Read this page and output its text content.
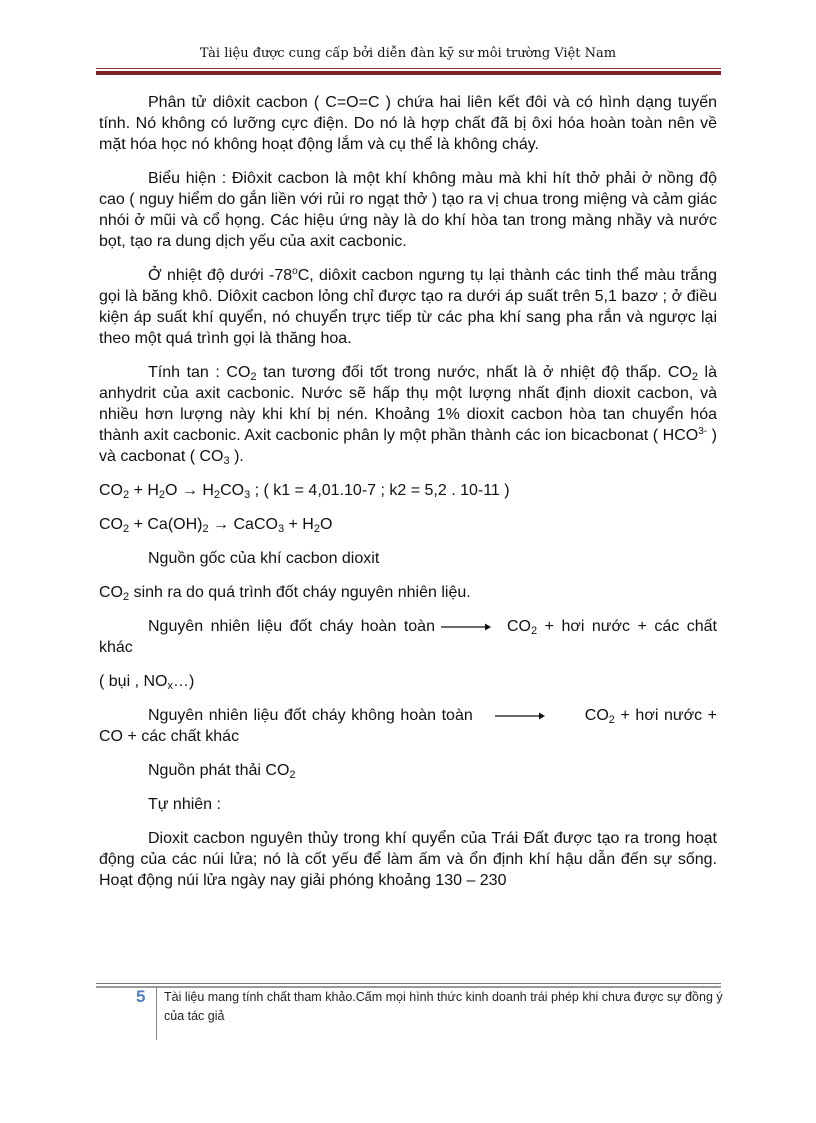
Tài liệu được cung cấp bởi diễn đàn kỹ sư môi trường Việt Nam

Phân tử diôxit cacbon ( C=O=C ) chứa hai liên kết đôi và có hình dạng tuyến tính. Nó không có lưỡng cực điện. Do nó là hợp chất đã bị ôxi hóa hoàn toàn nên về mặt hóa học nó không hoạt động lắm và cụ thể là không cháy.

Biểu hiện : Điôxit cacbon là một khí không màu mà khi hít thở phải ở nồng độ cao ( nguy hiểm do gắn liền với rủi ro ngạt thở ) tạo ra vị chua trong miệng và cảm giác nhói ở mũi và cổ họng. Các hiệu ứng này là do khí hòa tan trong màng nhầy và nước bọt, tạo ra dung dịch yếu của axit cacbonic.

Ở nhiệt độ dưới -78$^o$C, diôxit cacbon ngưng tụ lại thành các tinh thể màu trắng gọi là băng khô. Diôxit cacbon lỏng chỉ được tạo ra dưới áp suất trên 5,1 bazơ ; ở điều kiện áp suất khí quyển, nó chuyển trực tiếp từ các pha khí sang pha rắn và ngược lại theo một quá trình gọi là thăng hoa.

Tính tan : $CO_2$ tan tương đối tốt trong nước, nhất là ở nhiệt độ thấp. $CO_2$ là anhydrit của axit cacbonic. Nước sẽ hấp thụ một lượng nhất định dioxit cacbon, và nhiều hơn lượng này khi khí bị nén. Khoảng 1% dioxit cacbon hòa tan chuyển hóa thành axit cacbonic. Axit cacbonic phân ly một phần thành các ion bicacbonat ( $HCO^{3-}$ ) và cacbonat ( $CO_3$ ).

$CO_2 + H_2O \to H_2CO_3$ ; ( k1 = 4,01.10-7 ; k2 = 5,2 . 10-11 )

$CO_2 + Ca(OH)_2$ → CaCO$_3$ + $H_2O$

Nguồn gốc của khí cacbon dioxit

$CO_2$ sinh ra do quá trình đốt cháy nguyên nhiên liệu.

Nguyên nhiên liệu đốt cháy hoàn toàn	$CO_2$ + hơi nước + các chất khác

( bụi , $NO_x\dots$)

Nguyên nhiên liệu đốt cháy không hoàn toàn	$CO_2$ + hơi nước + CO + các chất khác

Nguồn phát thải $CO_2$

Tự nhiên :

Dioxit cacbon nguyên thủy trong khí quyển của Trái Đất được tạo ra trong hoạt động của các núi lửa; nó là cốt yếu để làm ấm và ổn định khí hậu dẫn đến sự sống. Hoạt động núi lửa ngày nay giải phóng khoảng 130 – 230

5 Tài liệu mang tính chất tham khảo.Cấm mọi hình thức kinh doanh trái phép khi chưa được sự đồng ý của tác giả
